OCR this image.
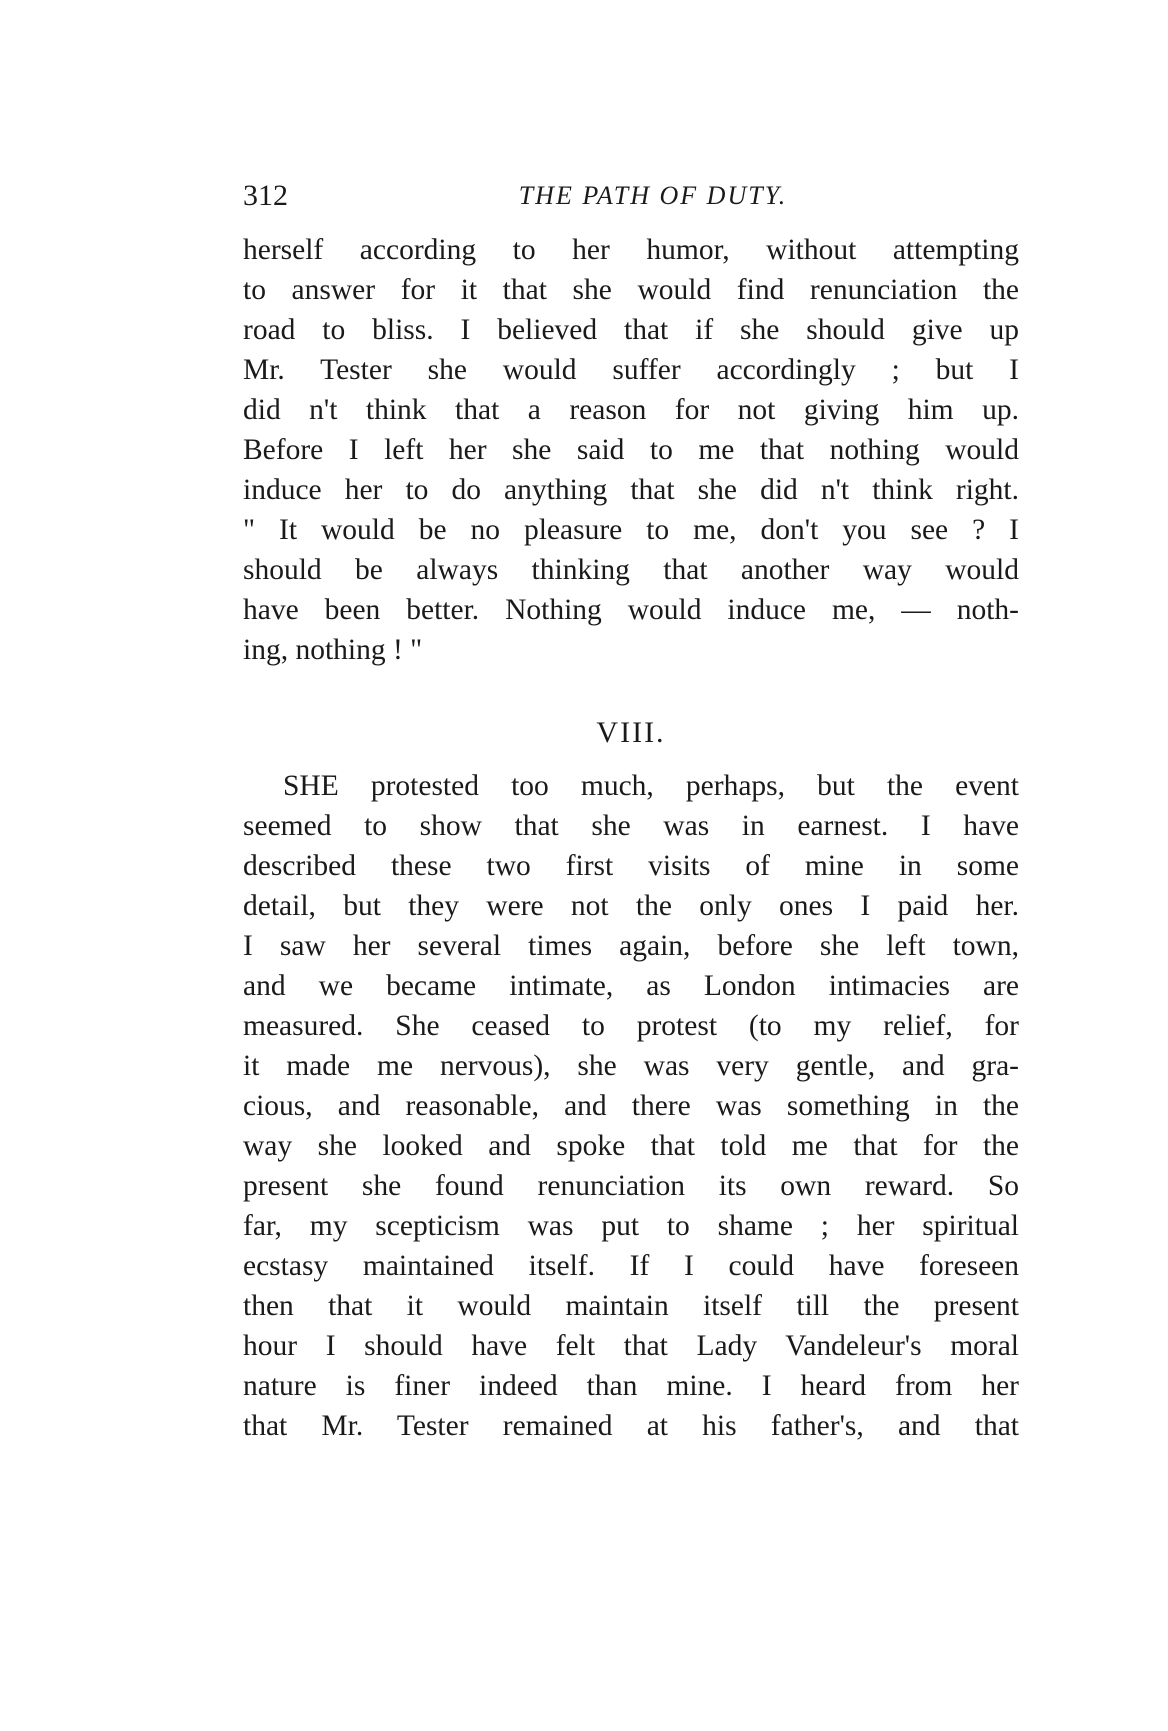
312	THE PATH OF DUTY.
herself according to her humor, without attempting
to answer for it that she would find renunciation the
road to bliss. I believed that if she should give up
Mr. Tester she would suffer accordingly ; but I
did n't think that a reason for not giving him up.
Before I left her she said to me that nothing would
induce her to do anything that she did n't think right.
" It would be no pleasure to me, don't you see ? I
should be always thinking that another way would
have been better. Nothing would induce me, — noth-
ing, nothing ! "
VIII.
SHE protested too much, perhaps, but the event
seemed to show that she was in earnest. I have
described these two first visits of mine in some
detail, but they were not the only ones I paid her.
I saw her several times again, before she left town,
and we became intimate, as London intimacies are
measured. She ceased to protest (to my relief, for
it made me nervous), she was very gentle, and gra-
cious, and reasonable, and there was something in the
way she looked and spoke that told me that for the
present she found renunciation its own reward. So
far, my scepticism was put to shame ; her spiritual
ecstasy maintained itself. If I could have foreseen
then that it would maintain itself till the present
hour I should have felt that Lady Vandeleur's moral
nature is finer indeed than mine. I heard from her
that Mr. Tester remained at his father's, and that
